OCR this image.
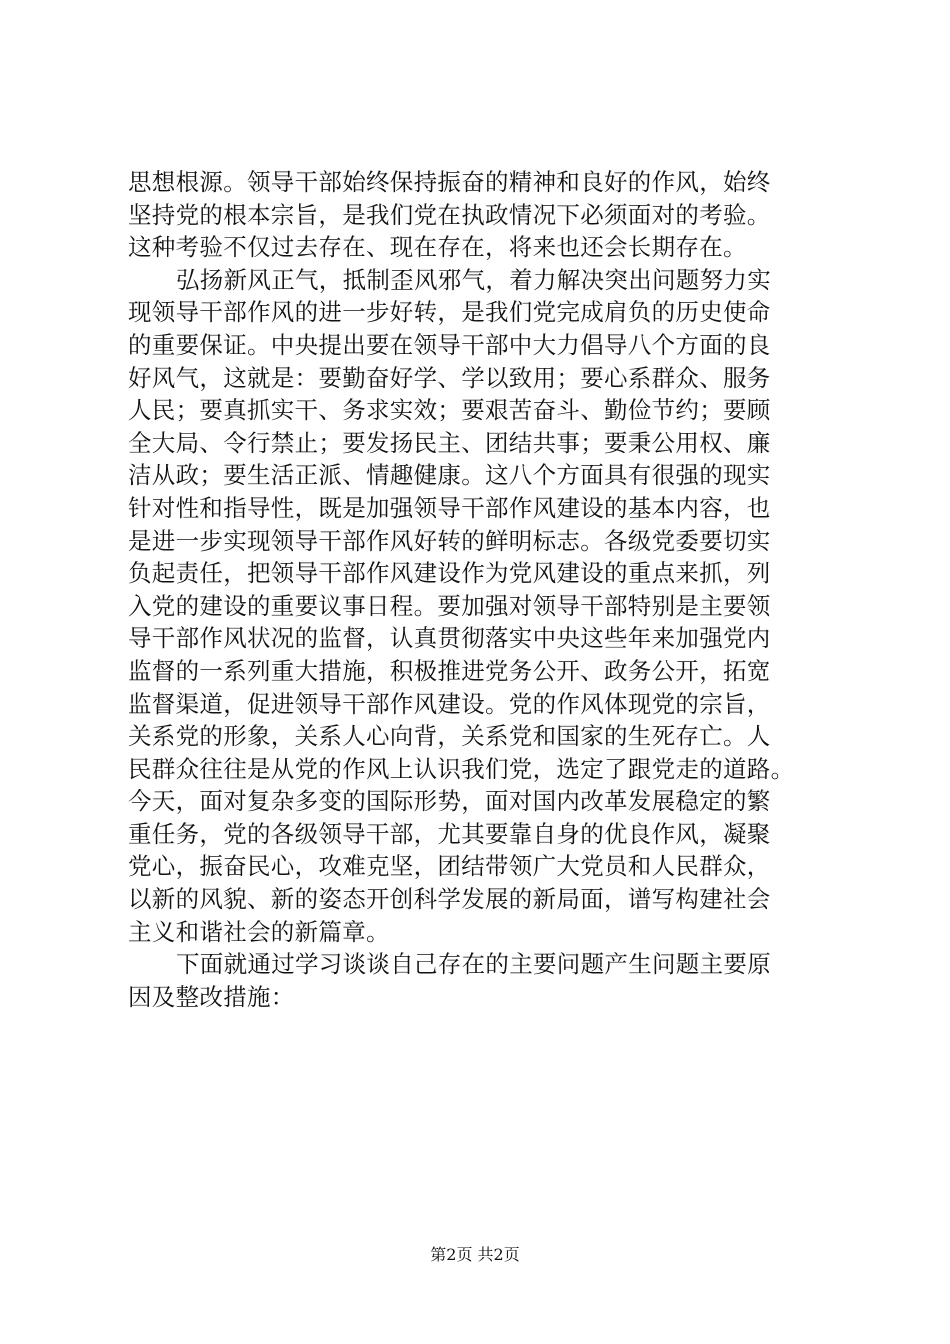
思想根源。领导干部始终保持振奋的精神和良好的作风，始终
坚持党的根本宗旨，是我们党在执政情况下必须面对的考验。
这种考验不仅过去存在、现在存在，将来也还会长期存在。
弘扬新风正气，抵制歪风邪气，着力解决突出问题努力实
现领导干部作风的进一步好转，是我们党完成肩负的历史使命
的重要保证。中央提出要在领导干部中大力倡导八个方面的良
好风气，这就是：要勤奋好学、学以致用；要心系群众、服务
人民；要真抓实干、务求实效；要艰苦奋斗、勤俭节约；要顾
全大局、令行禁止；要发扬民主、团结共事；要秉公用权、廉
洁从政；要生活正派、情趣健康。这八个方面具有很强的现实
针对性和指导性，既是加强领导干部作风建设的基本内容，也
是进一步实现领导干部作风好转的鲜明标志。各级党委要切实
负起责任，把领导干部作风建设作为党风建设的重点来抓，列
入党的建设的重要议事日程。要加强对领导干部特别是主要领
导干部作风状况的监督，认真贯彻落实中央这些年来加强党内
监督的一系列重大措施，积极推进党务公开、政务公开，拓宽
监督渠道，促进领导干部作风建设。党的作风体现党的宗旨，
关系党的形象，关系人心向背，关系党和国家的生死存亡。人
民群众往往是从党的作风上认识我们党，选定了跟党走的道路。
今天，面对复杂多变的国际形势，面对国内改革发展稳定的繁
重任务，党的各级领导干部，尤其要靠自身的优良作风，凝聚
党心，振奋民心，攻难克坚，团结带领广大党员和人民群众，
以新的风貌、新的姿态开创科学发展的新局面，谱写构建社会
主义和谐社会的新篇章。
下面就通过学习谈谈自己存在的主要问题产生问题主要原
因及整改措施：
第2页 共2页
